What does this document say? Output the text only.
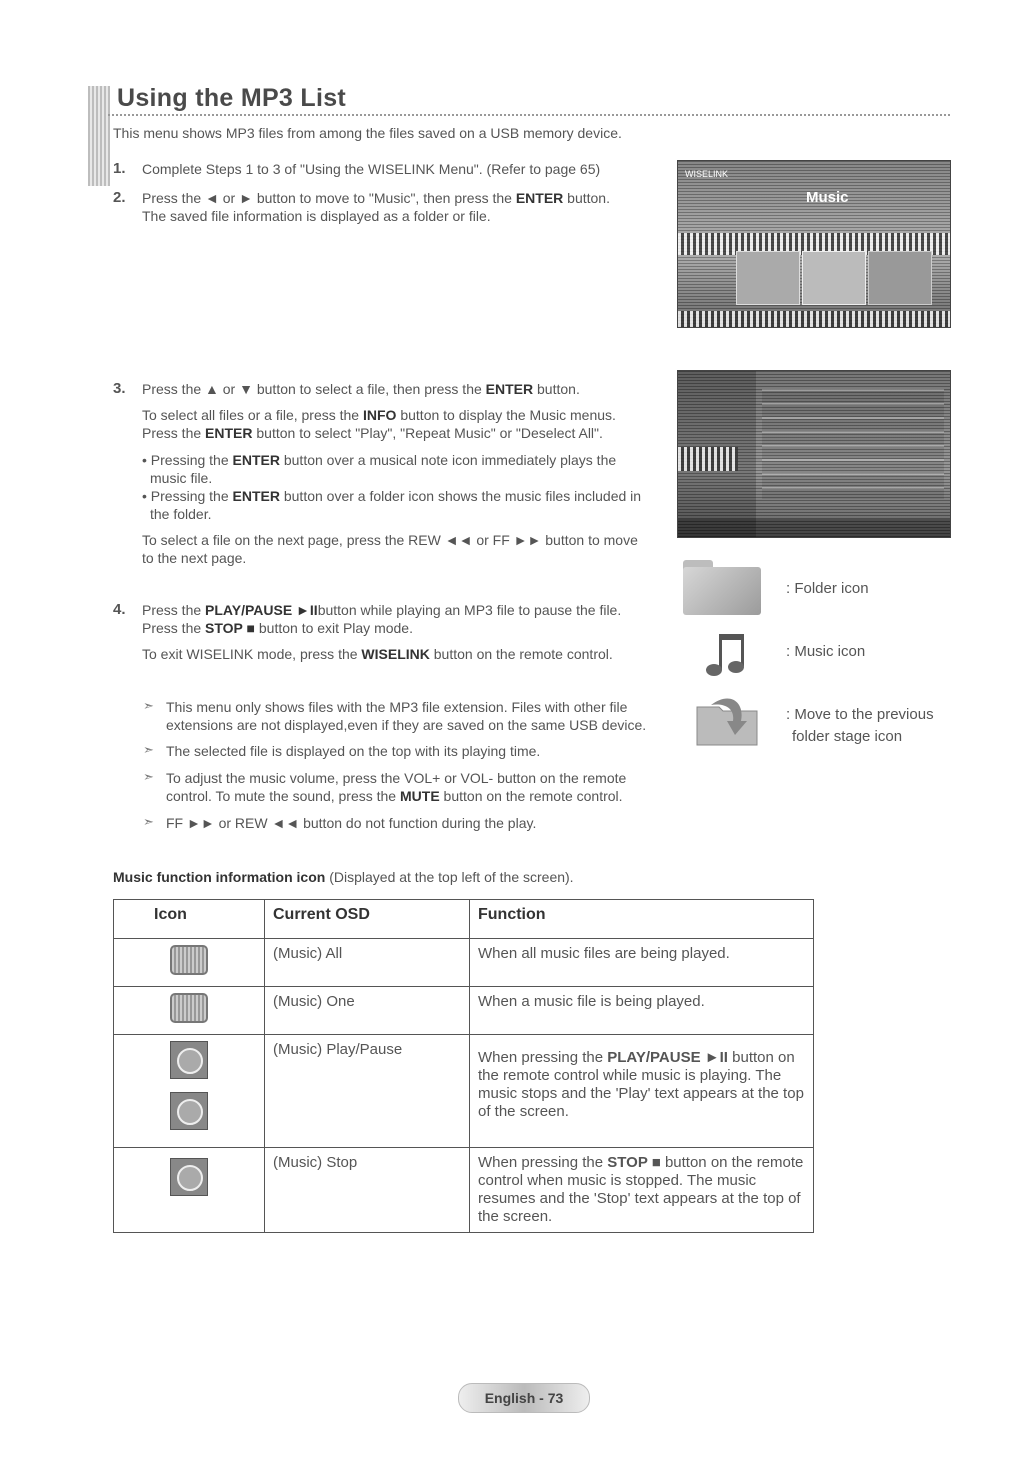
Using the MP3 List
This menu shows MP3 files from among the files saved on a USB memory device.
1. Complete Steps 1 to 3 of "Using the WISELINK Menu". (Refer to page 65)
2. Press the ◄ or ► button to move to "Music", then press the ENTER button.
The saved file information is displayed as a folder or file.
WISELINK
Music
3. Press the ▲ or ▼ button to select a file, then press the ENTER button.
To select all files or a file, press the INFO button to display the Music menus.
Press the ENTER button to select "Play", "Repeat Music" or "Deselect All".
• Pressing the ENTER button over a musical note icon immediately plays the
music file.
• Pressing the ENTER button over a folder icon shows the music files included in
the folder.
To select a file on the next page, press the REW ◄◄ or FF ►► button to move
to the next page.
: Folder icon
: Music icon
: Move to the previous
folder stage icon
4. Press the PLAY/PAUSE ►IIbutton while playing an MP3 file to pause the file.
Press the STOP ■ button to exit Play mode.
To exit WISELINK mode, press the WISELINK button on the remote control.
➣ This menu only shows files with the MP3 file extension. Files with other file
extensions are not displayed,even if they are saved on the same USB device.
➣ The selected file is displayed on the top with its playing time.
➣ To adjust the music volume, press the VOL+ or VOL- button on the remote
control. To mute the sound, press the MUTE button on the remote control.
➣ FF ►► or REW ◄◄ button do not function during the play.
Music function information icon (Displayed at the top left of the screen).
Icon	Current OSD	Function
	(Music) All	When all music files are being played.
	(Music) One	When a music file is being played.

	(Music) Play/Pause	When pressing the PLAY/PAUSE ►II button on the remote control while music is playing. The music stops and the 'Play' text appears at the top of the screen.

	(Music) Stop	When pressing the STOP ■ button on the remote control when music is stopped. The music resumes and the 'Stop' text appears at the top of the screen.
English - 73
